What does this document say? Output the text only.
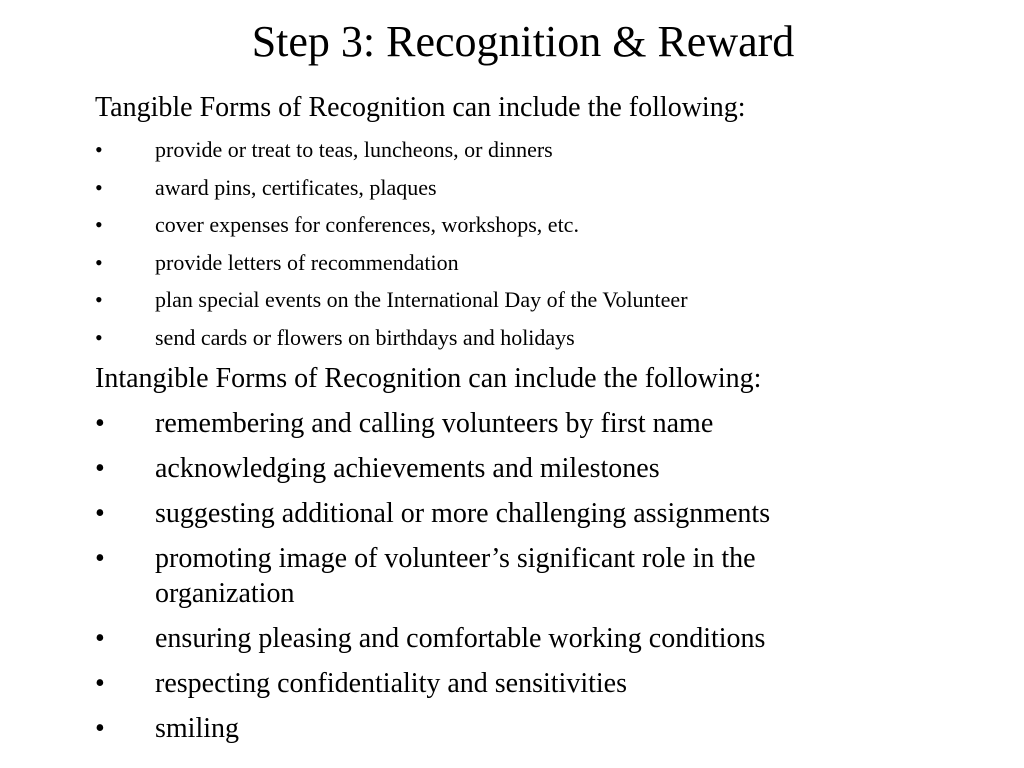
Step 3: Recognition & Reward
Tangible Forms of Recognition can include the following:
• provide or treat to teas, luncheons, or dinners
• award pins, certificates, plaques
• cover expenses for conferences, workshops, etc.
• provide letters of recommendation
• plan special events on the International Day of the Volunteer
• send cards or flowers on birthdays and holidays
Intangible Forms of Recognition can include the following:
• remembering and calling volunteers by first name
• acknowledging achievements and milestones
• suggesting additional or more challenging assignments
• promoting image of volunteer’s significant role in the organization
• ensuring pleasing and comfortable working conditions
• respecting confidentiality and sensitivities
• smiling
